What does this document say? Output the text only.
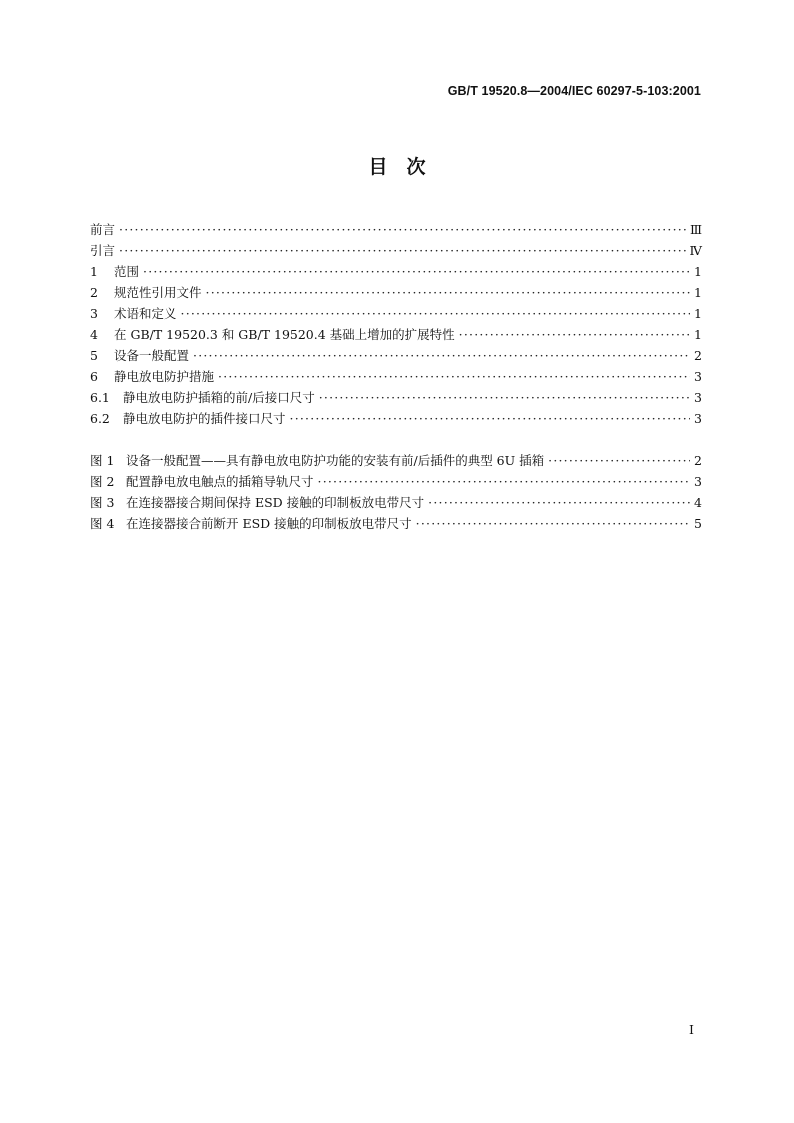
GB/T 19520.8—2004/IEC 60297-5-103:2001
目　次
前言 ·····	Ⅲ
引言 ·····	Ⅳ
1	范围 ·····	1
2	规范性引用文件 ·····	1
3	术语和定义 ·····	1
4	在 GB/T 19520.3 和 GB/T 19520.4 基础上增加的扩展特性 ·····	1
5	设备一般配置 ·····	2
6	静电放电防护措施 ·····	3
6.1	静电放电防护插箱的前/后接口尺寸 ·····	3
6.2	静电放电防护的插件接口尺寸 ·····	3
图 1 设备一般配置——具有静电放电防护功能的安装有前/后插件的典型 6U 插箱 ·····	2
图 2 配置静电放电触点的插箱导轨尺寸 ·····	3
图 3 在连接器接合期间保持 ESD 接触的印制板放电带尺寸 ·····	4
图 4 在连接器接合前断开 ESD 接触的印制板放电带尺寸 ·····	5
I
